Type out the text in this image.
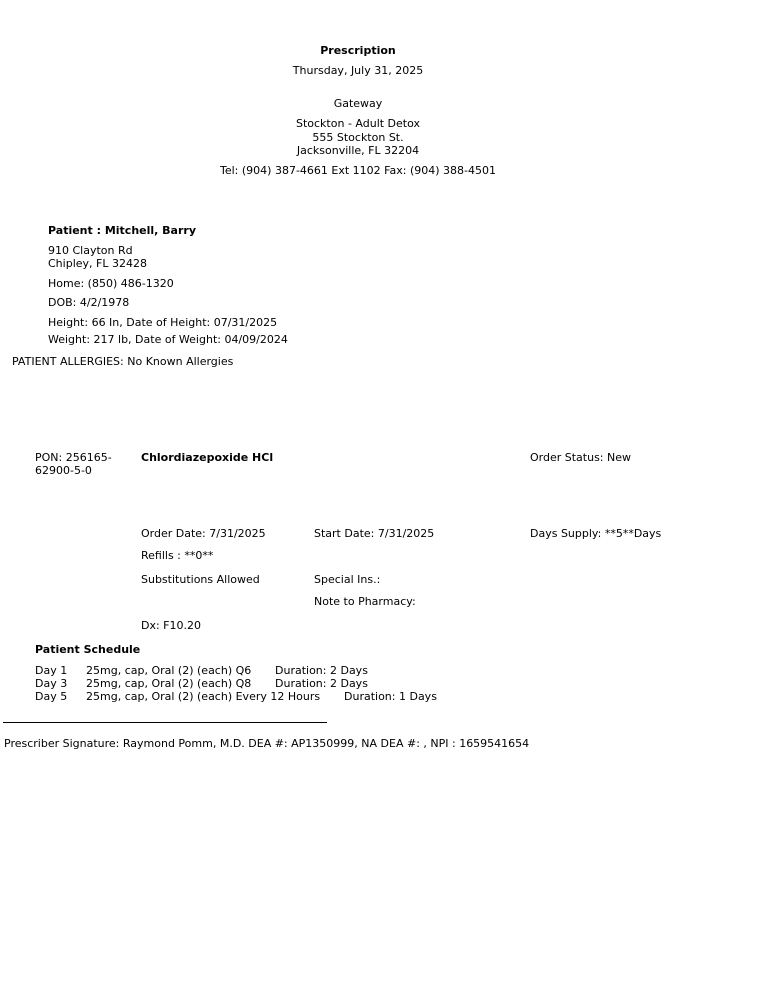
Prescription
Thursday, July 31, 2025
Gateway
Stockton - Adult Detox
555 Stockton St.
Jacksonville, FL 32204
Tel: (904) 387-4661 Ext 1102 Fax: (904) 388-4501
Patient : Mitchell, Barry
910 Clayton Rd
Chipley, FL 32428
Home: (850) 486-1320
DOB: 4/2/1978
Height: 66 In, Date of Height: 07/31/2025
Weight: 217 lb, Date of Weight: 04/09/2024
PATIENT ALLERGIES: No Known Allergies
PON: 256165-
62900-5-0
Chlordiazepoxide HCl	Order Status: New
Order Date: 7/31/2025	Start Date: 7/31/2025	Days Supply: **5**Days
Refills : **0**
Substitutions Allowed	Special Ins.:
Note to Pharmacy:
Dx: F10.20
Patient Schedule
Day 1 25mg, cap, Oral (2) (each) Q6 Duration: 2 Days
Day 3 25mg, cap, Oral (2) (each) Q8 Duration: 2 Days
Day 5 25mg, cap, Oral (2) (each) Every 12 Hours Duration: 1 Days
Prescriber Signature: Raymond Pomm, M.D. DEA #: AP1350999, NA DEA #: , NPI : 1659541654
